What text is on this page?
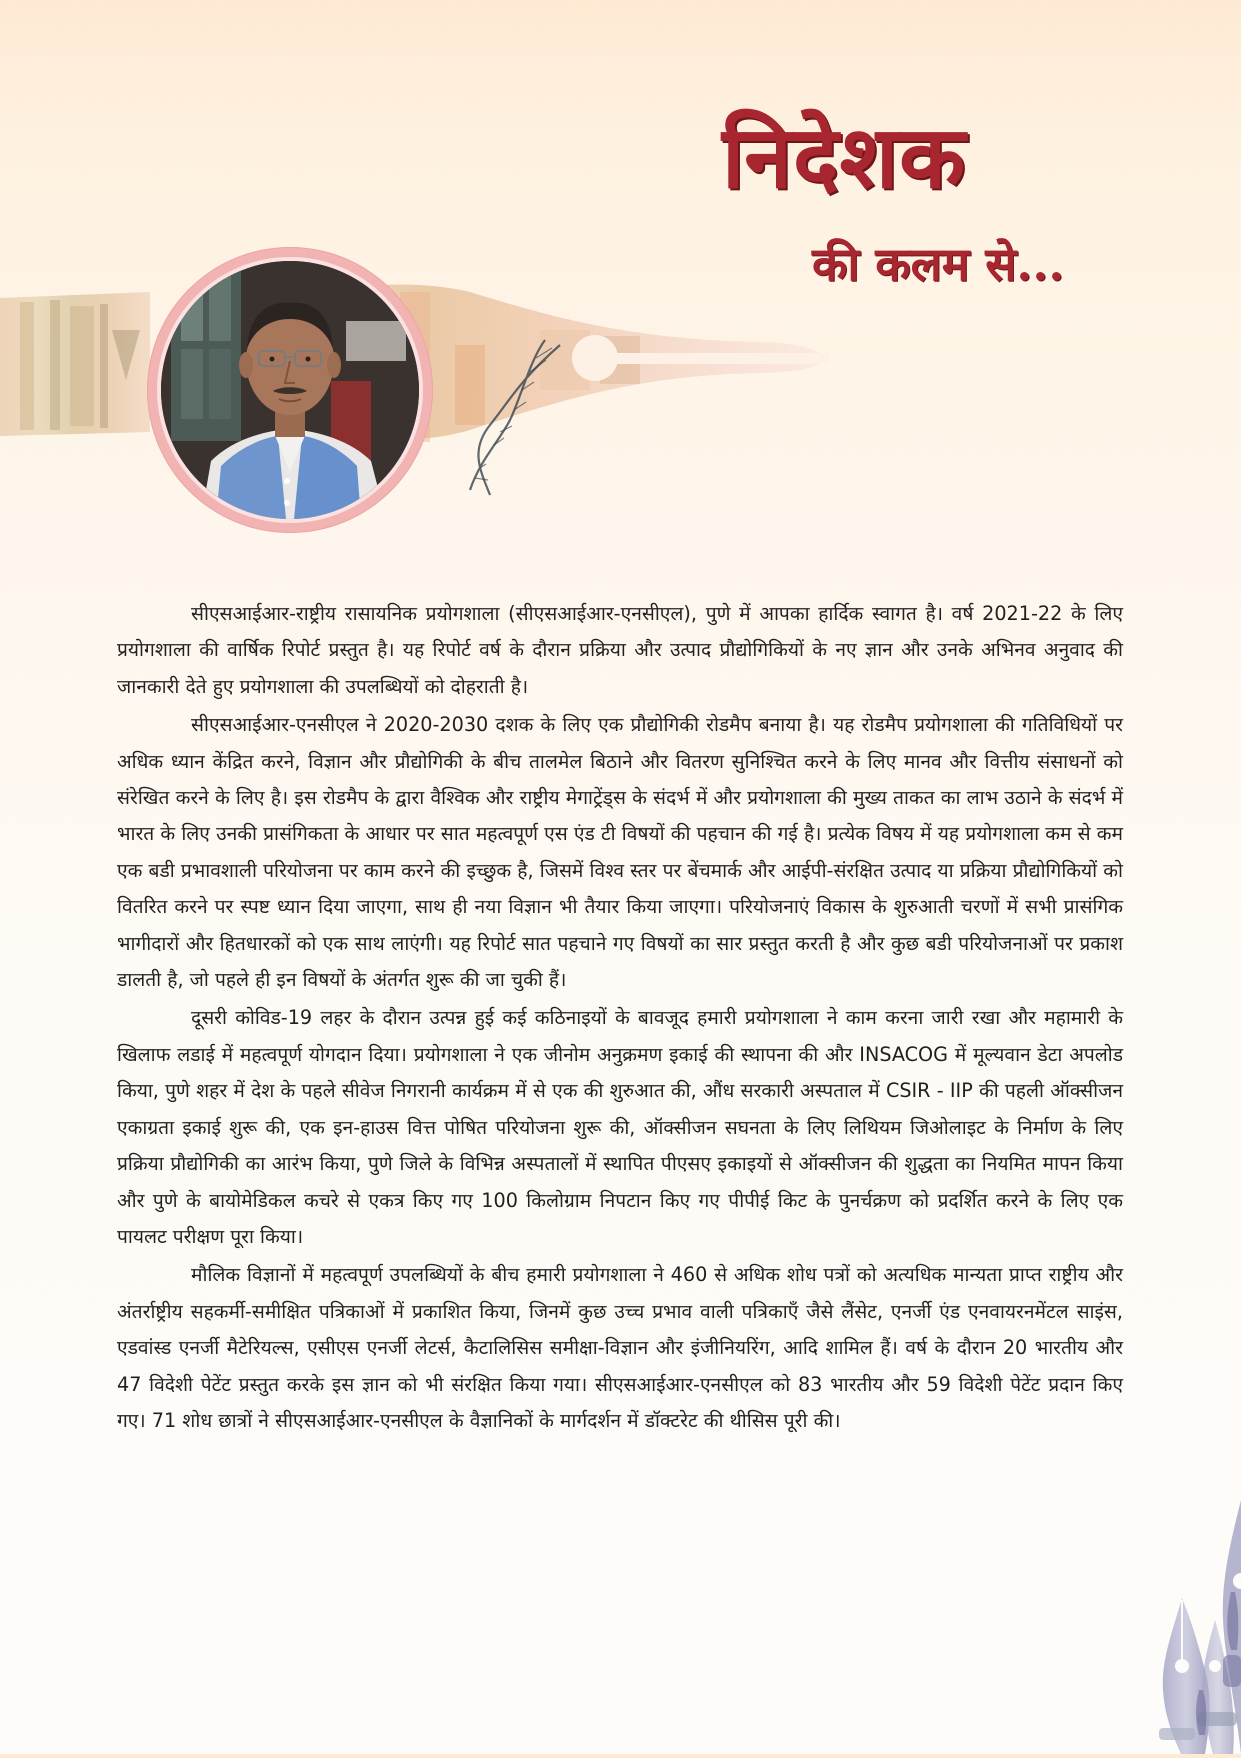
निदेशक
की कलम से...

सीएसआईआर-राष्ट्रीय रासायनिक प्रयोगशाला (सीएसआईआर-एनसीएल), पुणे में आपका हार्दिक स्वागत है। वर्ष 2021-22 के लिए प्रयोगशाला की वार्षिक रिपोर्ट प्रस्तुत है। यह रिपोर्ट वर्ष के दौरान प्रक्रिया और उत्पाद प्रौद्योगिकियों के नए ज्ञान और उनके अभिनव अनुवाद की जानकारी देते हुए प्रयोगशाला की उपलब्धियों को दोहराती है।

सीएसआईआर-एनसीएल ने 2020-2030 दशक के लिए एक प्रौद्योगिकी रोडमैप बनाया है। यह रोडमैप प्रयोगशाला की गतिविधियों पर अधिक ध्यान केंद्रित करने, विज्ञान और प्रौद्योगिकी के बीच तालमेल बिठाने और वितरण सुनिश्चित करने के लिए मानव और वित्तीय संसाधनों को संरेखित करने के लिए है। इस रोडमैप के द्वारा वैश्विक और राष्ट्रीय मेगाट्रेंड्स के संदर्भ में और प्रयोगशाला की मुख्य ताकत का लाभ उठाने के संदर्भ में भारत के लिए उनकी प्रासंगिकता के आधार पर सात महत्वपूर्ण एस एंड टी विषयों की पहचान की गई है। प्रत्येक विषय में यह प्रयोगशाला कम से कम एक बडी प्रभावशाली परियोजना पर काम करने की इच्छुक है, जिसमें विश्व स्तर पर बेंचमार्क और आईपी-संरक्षित उत्पाद या प्रक्रिया प्रौद्योगिकियों को वितरित करने पर स्पष्ट ध्यान दिया जाएगा, साथ ही नया विज्ञान भी तैयार किया जाएगा। परियोजनाएं विकास के शुरुआती चरणों में सभी प्रासंगिक भागीदारों और हितधारकों को एक साथ लाएंगी। यह रिपोर्ट सात पहचाने गए विषयों का सार प्रस्तुत करती है और कुछ बडी परियोजनाओं पर प्रकाश डालती है, जो पहले ही इन विषयों के अंतर्गत शुरू की जा चुकी हैं।

दूसरी कोविड-19 लहर के दौरान उत्पन्न हुई कई कठिनाइयों के बावजूद हमारी प्रयोगशाला ने काम करना जारी रखा और महामारी के खिलाफ लडाई में महत्वपूर्ण योगदान दिया। प्रयोगशाला ने एक जीनोम अनुक्रमण इकाई की स्थापना की और INSACOG में मूल्यवान डेटा अपलोड किया, पुणे शहर में देश के पहले सीवेज निगरानी कार्यक्रम में से एक की शुरुआत की, औंध सरकारी अस्पताल में CSIR - IIP की पहली ऑक्सीजन एकाग्रता इकाई शुरू की, एक इन-हाउस वित्त पोषित परियोजना शुरू की, ऑक्सीजन सघनता के लिए लिथियम जिओलाइट के निर्माण के लिए प्रक्रिया प्रौद्योगिकी का आरंभ किया, पुणे जिले के विभिन्न अस्पतालों में स्थापित पीएसए इकाइयों से ऑक्सीजन की शुद्धता का नियमित मापन किया और पुणे के बायोमेडिकल कचरे से एकत्र किए गए 100 किलोग्राम निपटान किए गए पीपीई किट के पुनर्चक्रण को प्रदर्शित करने के लिए एक पायलट परीक्षण पूरा किया।

मौलिक विज्ञानों में महत्वपूर्ण उपलब्धियों के बीच हमारी प्रयोगशाला ने 460 से अधिक शोध पत्रों को अत्यधिक मान्यता प्राप्त राष्ट्रीय और अंतर्राष्ट्रीय सहकर्मी-समीक्षित पत्रिकाओं में प्रकाशित किया, जिनमें कुछ उच्च प्रभाव वाली पत्रिकाएँ जैसे लैंसेट, एनर्जी एंड एनवायरनमेंटल साइंस, एडवांस्ड एनर्जी मैटेरियल्स, एसीएस एनर्जी लेटर्स, कैटालिसिस समीक्षा-विज्ञान और इंजीनियरिंग, आदि शामिल हैं। वर्ष के दौरान 20 भारतीय और 47 विदेशी पेटेंट प्रस्तुत करके इस ज्ञान को भी संरक्षित किया गया। सीएसआईआर-एनसीएल को 83 भारतीय और 59 विदेशी पेटेंट प्रदान किए गए। 71 शोध छात्रों ने सीएसआईआर-एनसीएल के वैज्ञानिकों के मार्गदर्शन में डॉक्टरेट की थीसिस पूरी की।
